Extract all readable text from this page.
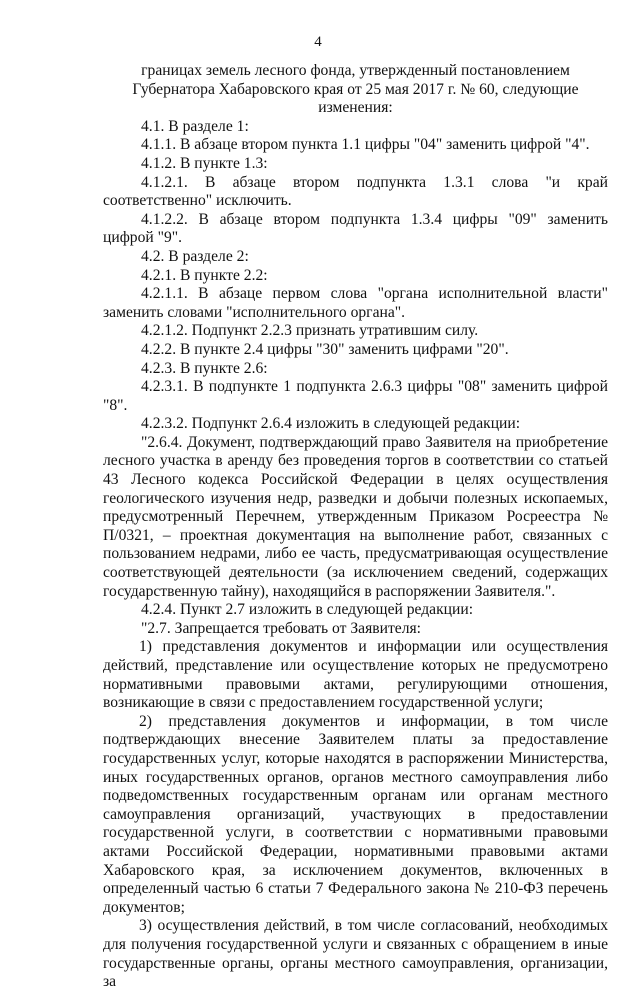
4

границах земель лесного фонда, утвержденный постановлением Губернатора Хабаровского края от 25 мая 2017 г. № 60, следующие изменения:

4.1. В разделе 1:

4.1.1. В абзаце втором пункта 1.1 цифры "04" заменить цифрой "4".

4.1.2. В пункте 1.3:

4.1.2.1. В абзаце втором подпункта 1.3.1 слова "и край соответственно" исключить.

4.1.2.2. В абзаце втором подпункта 1.3.4 цифры "09" заменить цифрой "9".

4.2. В разделе 2:

4.2.1. В пункте 2.2:

4.2.1.1. В абзаце первом слова "органа исполнительной власти" заменить словами "исполнительного органа".

4.2.1.2. Подпункт 2.2.3 признать утратившим силу.

4.2.2. В пункте 2.4 цифры "30" заменить цифрами "20".

4.2.3. В пункте 2.6:

4.2.3.1. В подпункте 1 подпункта 2.6.3 цифры "08" заменить цифрой "8".

4.2.3.2. Подпункт 2.6.4 изложить в следующей редакции:

"2.6.4. Документ, подтверждающий право Заявителя на приобретение лесного участка в аренду без проведения торгов в соответствии со статьей 43 Лесного кодекса Российской Федерации в целях осуществления геологического изучения недр, разведки и добычи полезных ископаемых, предусмотренный Перечнем, утвержденным Приказом Росреестра № П/0321, – проектная документация на выполнение работ, связанных с пользованием недрами, либо ее часть, предусматривающая осуществление соответствующей деятельности (за исключением сведений, содержащих государственную тайну), находящийся в распоряжении Заявителя.".

4.2.4. Пункт 2.7 изложить в следующей редакции:

"2.7. Запрещается требовать от Заявителя:

1) представления документов и информации или осуществления действий, представление или осуществление которых не предусмотрено нормативными правовыми актами, регулирующими отношения, возникающие в связи с предоставлением государственной услуги;

2) представления документов и информации, в том числе подтверждающих внесение Заявителем платы за предоставление государственных услуг, которые находятся в распоряжении Министерства, иных государственных органов, органов местного самоуправления либо подведомственных государственным органам или органам местного самоуправления организаций, участвующих в предоставлении государственной услуги, в соответствии с нормативными правовыми актами Российской Федерации, нормативными правовыми актами Хабаровского края, за исключением документов, включенных в определенный частью 6 статьи 7 Федерального закона № 210-ФЗ перечень документов;

3) осуществления действий, в том числе согласований, необходимых для получения государственной услуги и связанных с обращением в иные государственные органы, органы местного самоуправления, организации, за
